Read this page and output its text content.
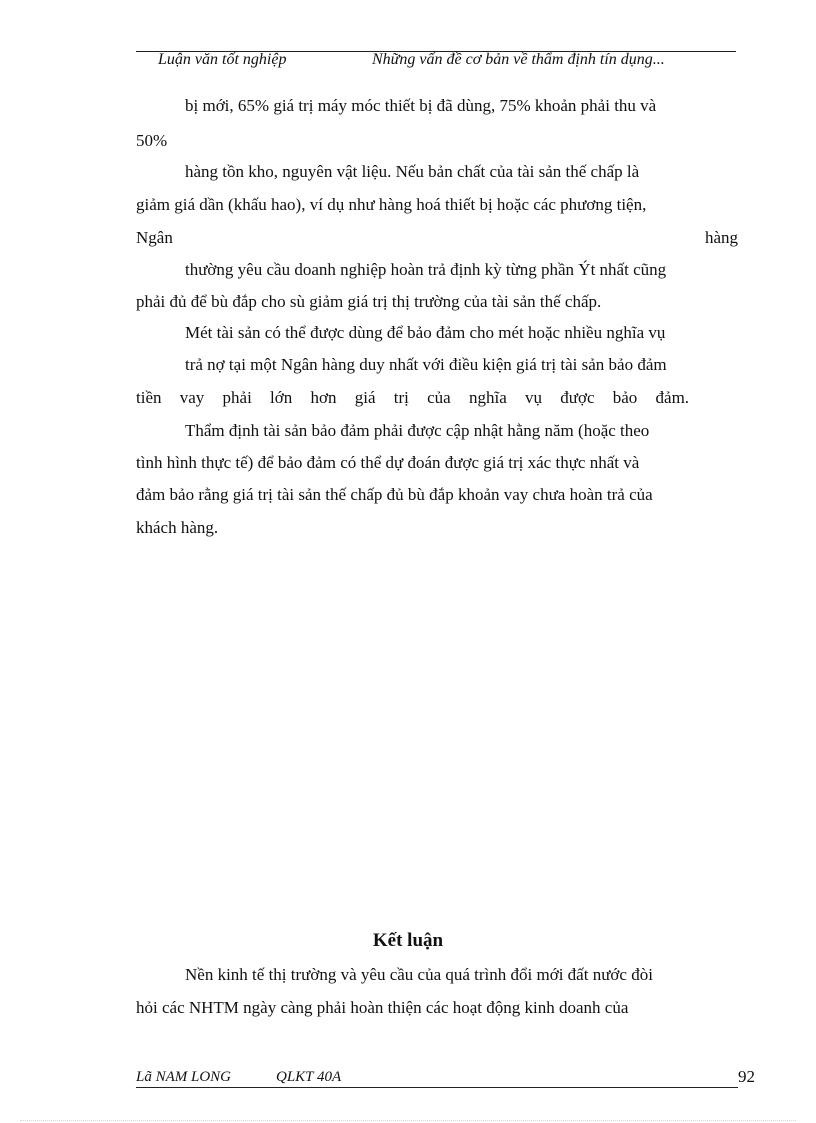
Luận văn tốt nghiệp	Những vấn đề cơ bản về thẩm định tín dụng...
bị mới, 65% giá trị máy móc thiết bị đã dùng, 75% khoản phải thu và
50%
hàng tồn kho, nguyên vật liệu. Nếu bản chất của tài sản thế chấp là
giảm giá dần (khấu hao), ví dụ như hàng hoá thiết bị hoặc các phương tiện,
Ngân	hàng
thường yêu cầu doanh nghiệp hoàn trả định kỳ từng phần Ýt nhất cũng
phải đủ để bù đắp cho sù giảm giá trị thị trường của tài sản thế chấp.
Mét tài sản có thể được dùng để bảo đảm cho mét hoặc nhiều nghĩa vụ
trả nợ tại một Ngân hàng duy nhất với điều kiện giá trị tài sản bảo đảm
tiền vay phải lớn hơn giá trị của nghĩa vụ được bảo đảm.
Thẩm định tài sản bảo đảm phải được cập nhật hằng năm (hoặc theo
tình hình thực tế) để bảo đảm có thể dự đoán được giá trị xác thực nhất và
đảm bảo rằng giá trị tài sản thế chấp đủ bù đắp khoản vay chưa hoàn trả của
khách hàng.
Kết luận
Nền kinh tế thị trường và yêu cầu của quá trình đổi mới đất nước đòi
hỏi các NHTM ngày càng phải hoàn thiện các hoạt động kinh doanh của
Lã NAM LONG	QLKT 40A	92
